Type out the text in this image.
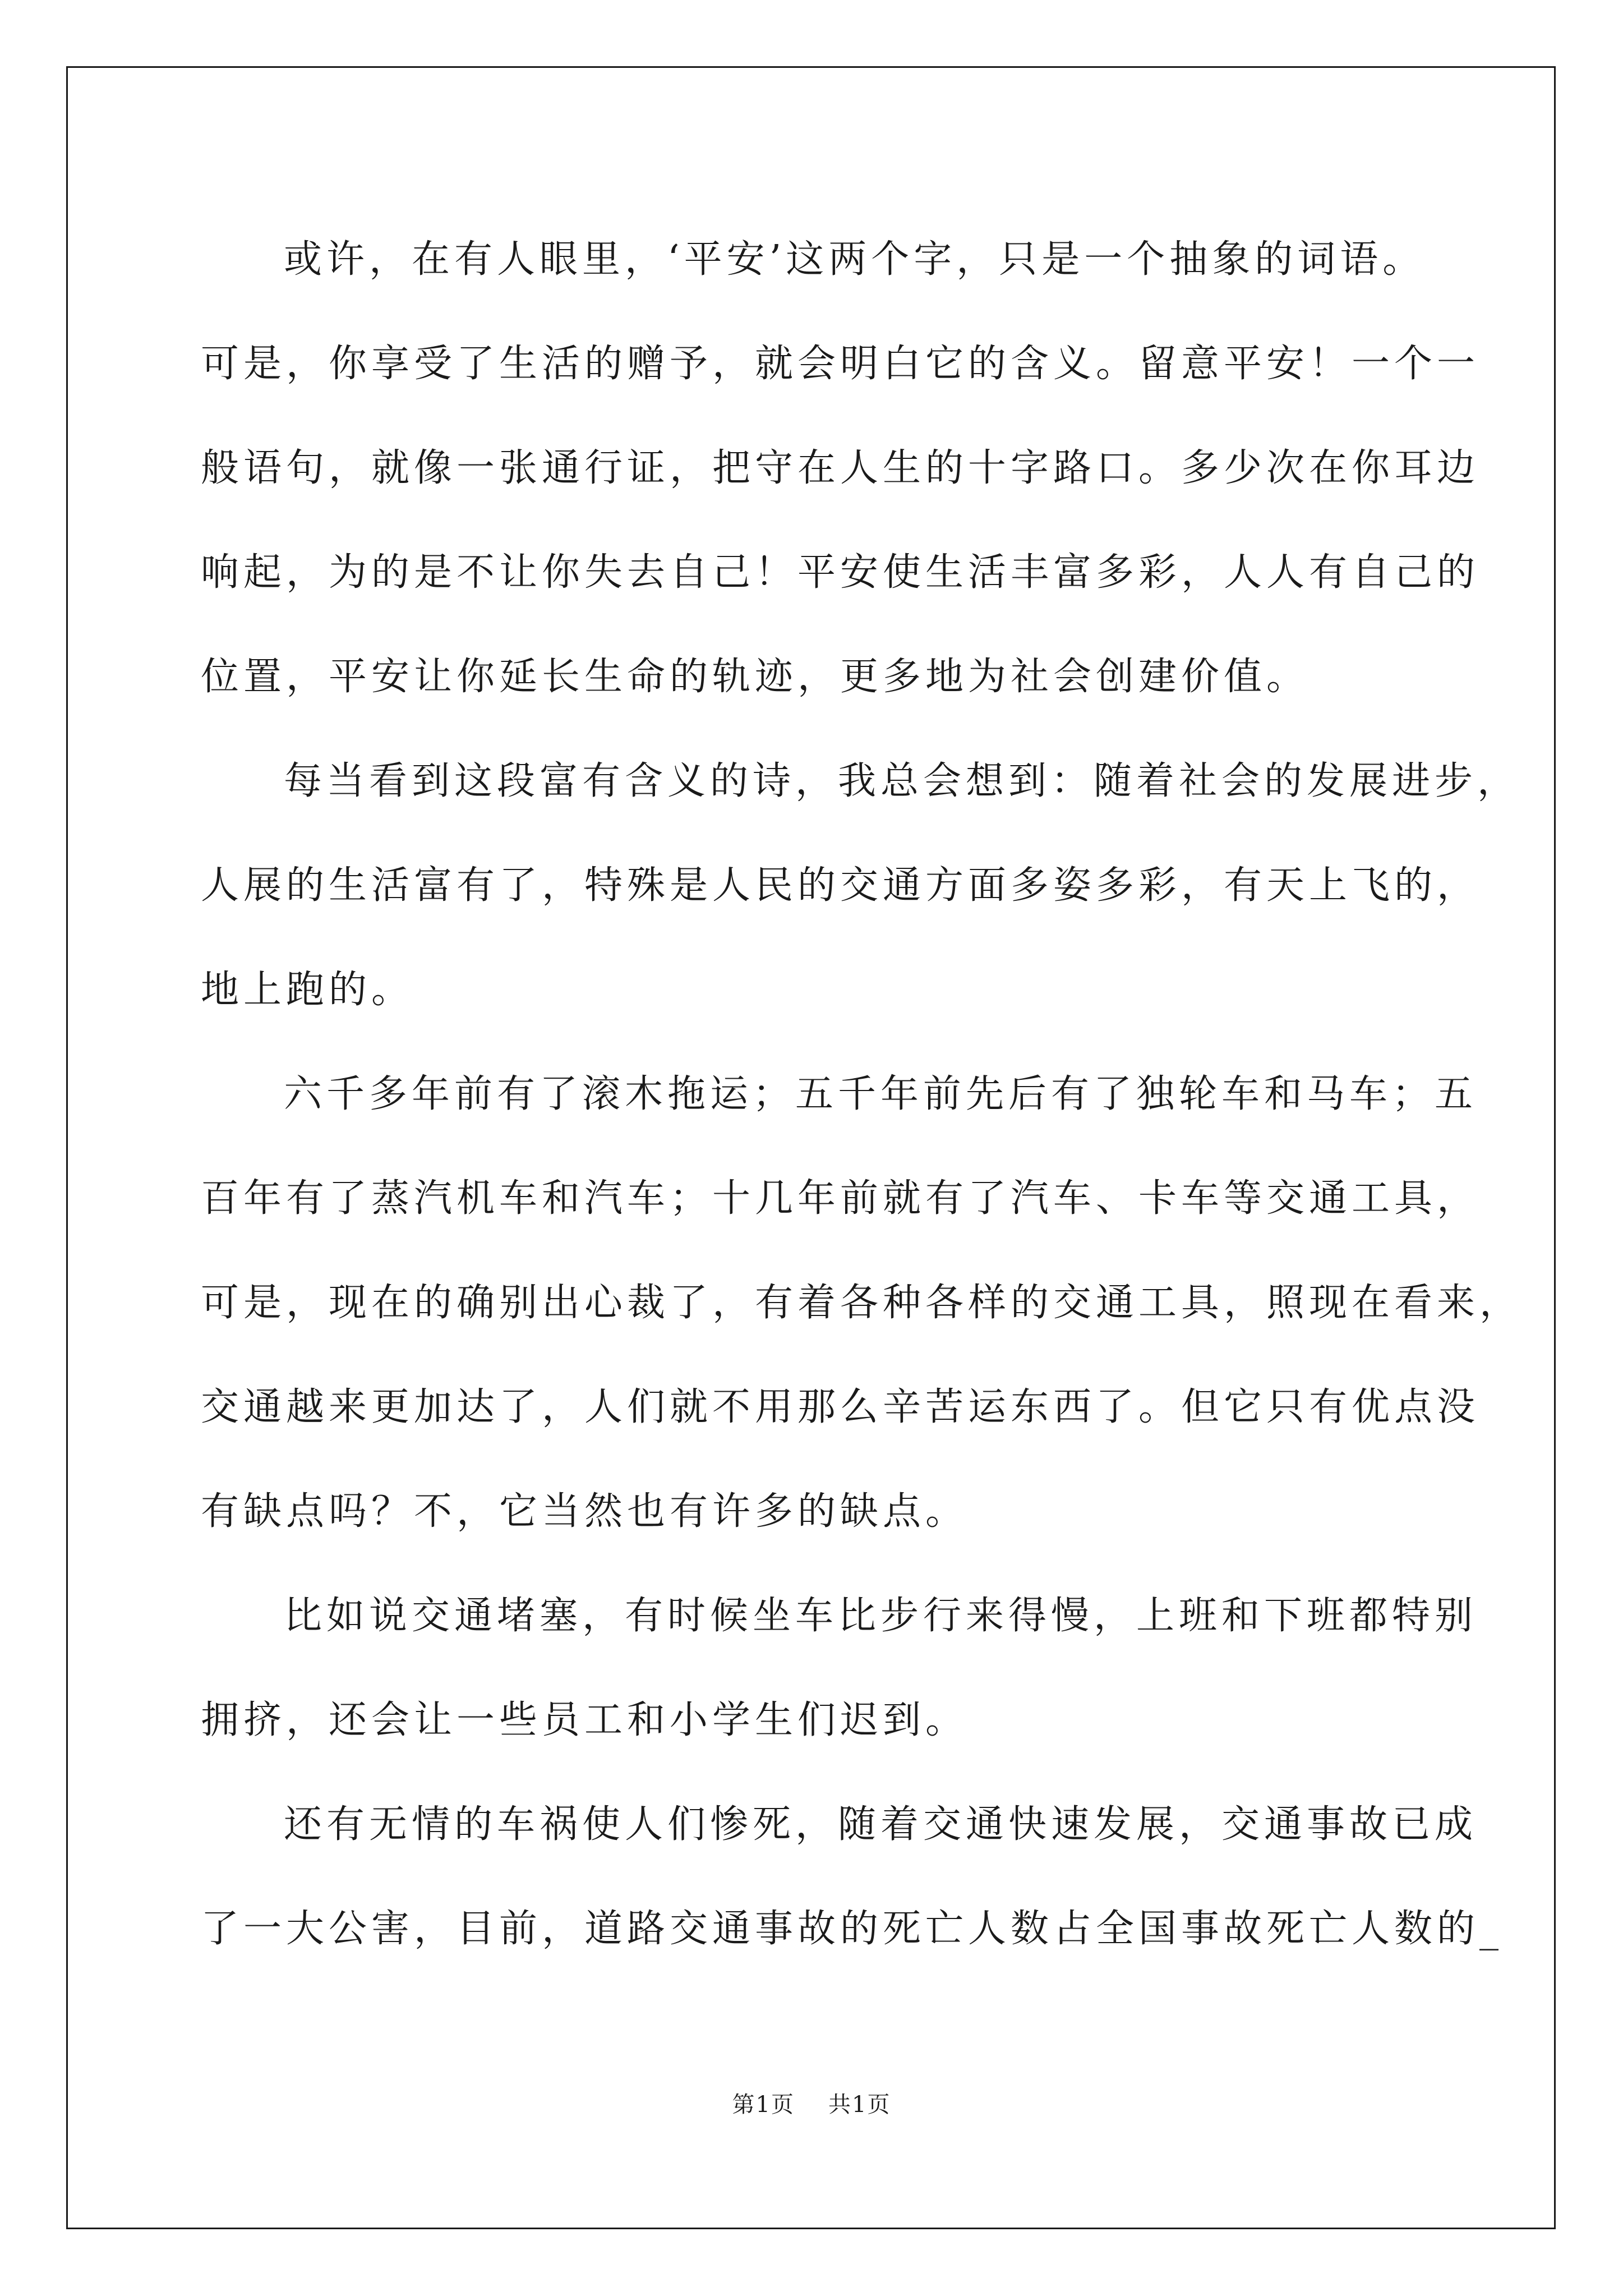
或许，在有人眼里，‘平安’这两个字，只是一个抽象的词语。
可是，你享受了生活的赠予，就会明白它的含义。留意平安！一个一
般语句，就像一张通行证，把守在人生的十字路口。多少次在你耳边
响起，为的是不让你失去自己！平安使生活丰富多彩，人人有自己的
位置，平安让你延长生命的轨迹，更多地为社会创建价值。
每当看到这段富有含义的诗，我总会想到：随着社会的发展进步，
人展的生活富有了，特殊是人民的交通方面多姿多彩，有天上飞的，
地上跑的。
六千多年前有了滚木拖运；五千年前先后有了独轮车和马车；五
百年有了蒸汽机车和汽车；十几年前就有了汽车、卡车等交通工具，
可是，现在的确别出心裁了，有着各种各样的交通工具，照现在看来，
交通越来更加达了，人们就不用那么辛苦运东西了。但它只有优点没
有缺点吗？不，它当然也有许多的缺点。
比如说交通堵塞，有时候坐车比步行来得慢，上班和下班都特别
拥挤，还会让一些员工和小学生们迟到。
还有无情的车祸使人们惨死，随着交通快速发展，交通事故已成
了一大公害，目前，道路交通事故的死亡人数占全国事故死亡人数的_
第1页 共1页
